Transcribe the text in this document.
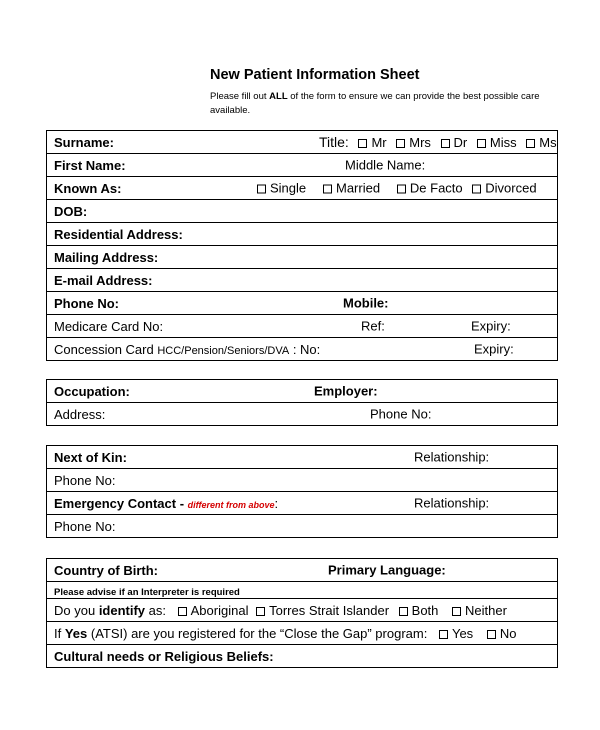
New Patient Information Sheet
Please fill out ALL of the form to ensure we can provide the best possible care available.
Surname:	Title: Mr Mrs Dr Miss Ms

First Name:	Middle Name:

Known As:	Single Married De Facto Divorced

DOB:
Residential Address:
Mailing Address:
E-mail Address:
Phone No:	Mobile:

Medicare Card No:	Ref:	Expiry:

Concession Card HCC/Pension/Seniors/DVA : No:	Expiry:
Occupation:	Employer:

Address:	Phone No:
Next of Kin:	Relationship:

Phone No:
Emergency Contact - different from above:	Relationship:

Phone No:
Country of Birth:	Primary Language:

Please advise if an Interpreter is required
Do you identify as: Aboriginal Torres Strait Islander Both Neither
If Yes (ATSI) are you registered for the “Close the Gap” program: Yes No
Cultural needs or Religious Beliefs:
